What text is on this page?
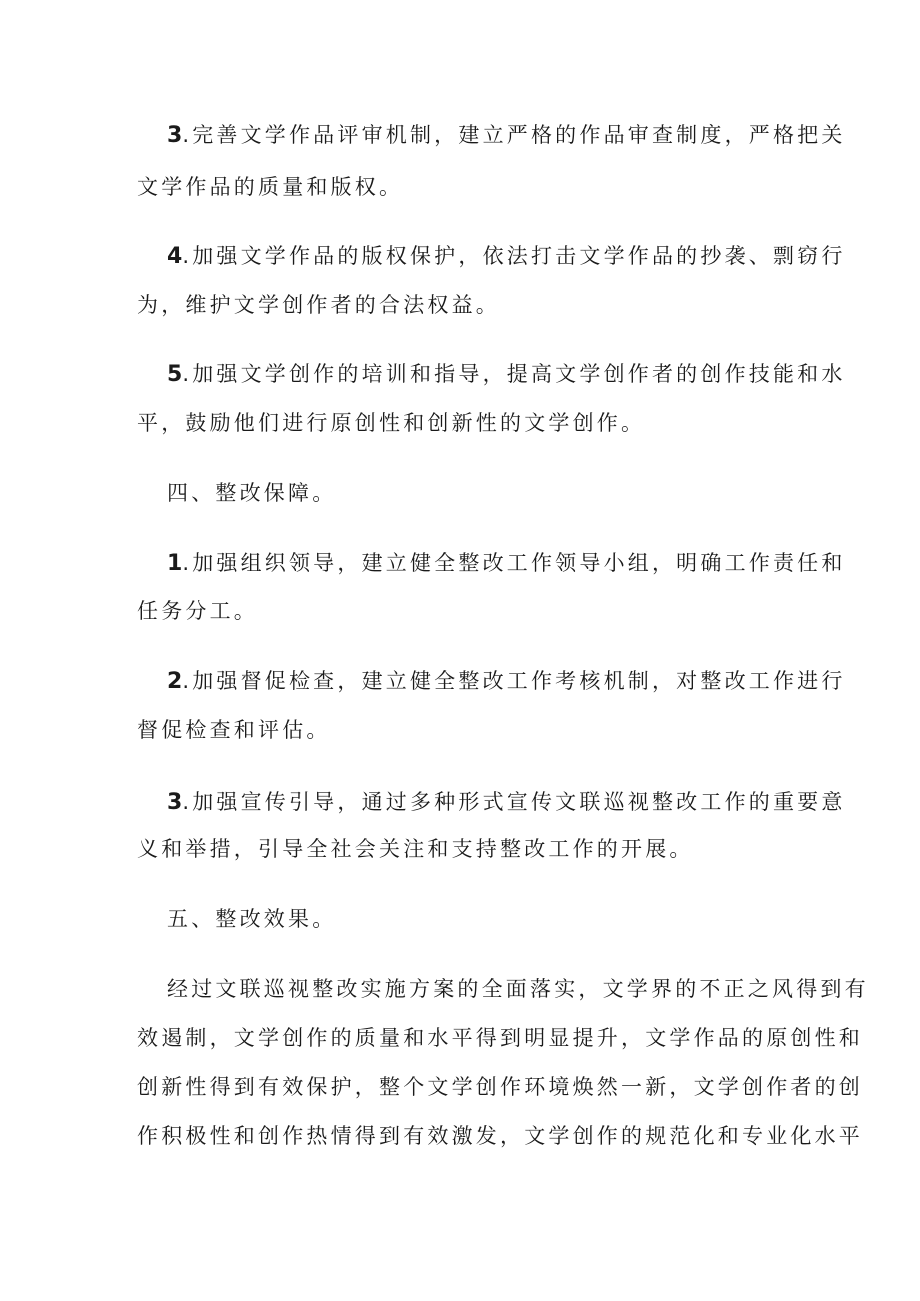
3.完善文学作品评审机制，建立严格的作品审查制度，严格把关
文学作品的质量和版权。
4.加强文学作品的版权保护，依法打击文学作品的抄袭、剽窃行
为，维护文学创作者的合法权益。
5.加强文学创作的培训和指导，提高文学创作者的创作技能和水
平，鼓励他们进行原创性和创新性的文学创作。
四、整改保障。
1.加强组织领导，建立健全整改工作领导小组，明确工作责任和
任务分工。
2.加强督促检查，建立健全整改工作考核机制，对整改工作进行
督促检查和评估。
3.加强宣传引导，通过多种形式宣传文联巡视整改工作的重要意
义和举措，引导全社会关注和支持整改工作的开展。
五、整改效果。
经过文联巡视整改实施方案的全面落实，文学界的不正之风得到有
效遏制，文学创作的质量和水平得到明显提升，文学作品的原创性和
创新性得到有效保护，整个文学创作环境焕然一新，文学创作者的创
作积极性和创作热情得到有效激发，文学创作的规范化和专业化水平
